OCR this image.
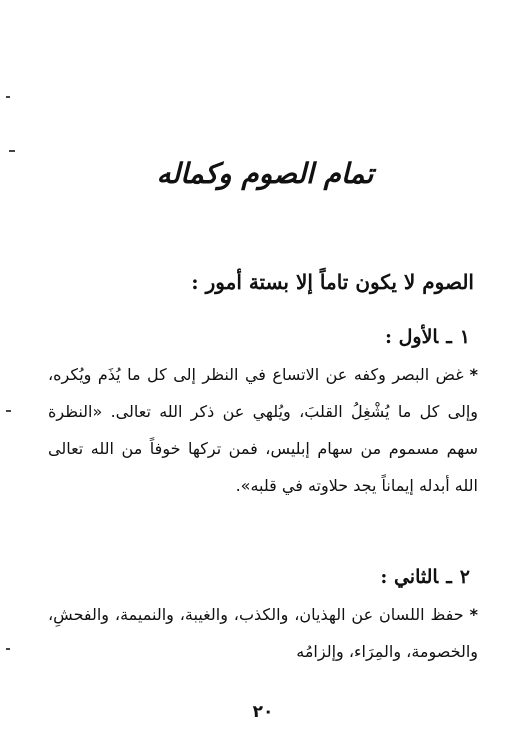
تمام الصوم وكماله
الصوم لا يكون تاماً إلا بستة أمور :
١ـالأول :
*غض البصر وكفه عن الاتساع في النظر إلى كل ما يُذَم ويُكره، وإلى كل ما يُشْغِلُ القلبَ، ويُلهي عن ذكر الله تعالى. «النظرة سهم مسموم من سهام إبليس، فمن تركها خوفاً من الله تعالى الله أبدله إيماناً يجد حلاوته في قلبه».
٢ـالثاني :
*حفظ اللسان عن الهذيان، والكذب، والغيبة، والنميمة، والفحشِ، والخصومة، والمِرَاء، وإلزامُه
٢٠
